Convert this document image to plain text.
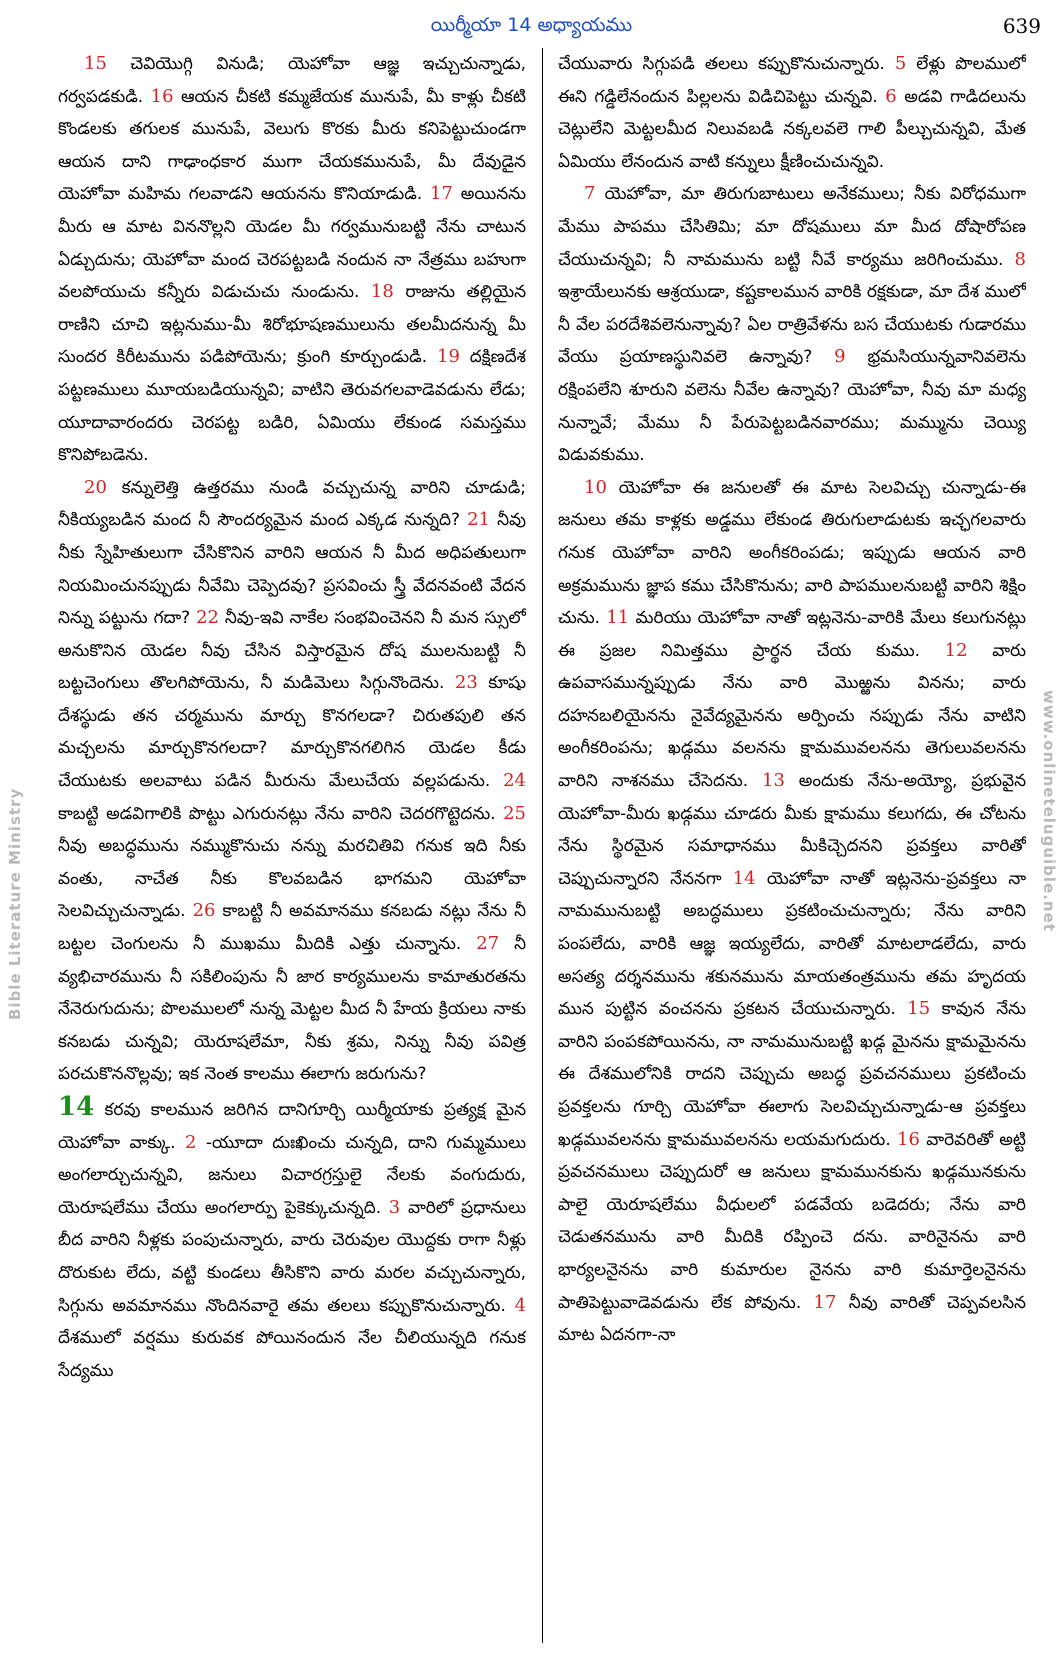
యిర్మీయా 14 అధ్యాయము	639
Bible Literature Ministry	www.onlineteluguible.net

15 చెవియొగ్గి వినుడి; యెహోవా ఆజ్ఞ ఇచ్చుచున్నాడు, గర్వపడకుడి. 16 ఆయన చీకటి కమ్మజేయక మునుపే, మీ కాళ్లు చీకటి కొండలకు తగులక మునుపే, వెలుగు కొరకు మీరు కనిపెట్టుచుండగా ఆయన దాని గాఢాంధకార ముగా చేయకమునుపే, మీ దేవుడైన యెహోవా మహిమ గలవాడని ఆయనను కొనియాడుడి. 17 అయినను మీరు ఆ మాట విననొల్లని యెడల మీ గర్వమునుబట్టి నేను చాటున ఏడ్చుదును; యెహోవా మంద చెరపట్టబడి నందున నా నేత్రము బహుగా వలపోయుచు కన్నీరు విడుచుచు నుండును. 18 రాజును తల్లియైన రాణిని చూచి ఇట్లనుము-మీ శిరోభూషణములును తలమీదనున్న మీ సుందర కిరీటమును పడిపోయెను; క్రుంగి కూర్చుండుడి. 19 దక్షిణదేశ పట్టణములు మూయబడియున్నవి; వాటిని తెరువగలవాడెవడును లేడు; యూదావారందరు చెరపట్ట బడిరి, ఏమియు లేకుండ సమస్తము కొనిపోబడెను.

20 కన్నులెత్తి ఉత్తరము నుండి వచ్చుచున్న వారిని చూడుడి; నీకియ్యబడిన మంద నీ సౌందర్యమైన మంద ఎక్కడ నున్నది? 21 నీవు నీకు స్నేహితులుగా చేసికొనిన వారిని ఆయన నీ మీద అధిపతులుగా నియమించునప్పుడు నీవేమి చెప్పెదవు? ప్రసవించు స్త్రీ వేదనవంటి వేదన నిన్ను పట్టును గదా? 22 నీవు-ఇవి నాకేల సంభవించెనని నీ మన స్సులో అనుకొనిన యెడల నీవు చేసిన విస్తారమైన దోష ములనుబట్టి నీ బట్టచెంగులు తొలగిపోయెను, నీ మడిమెలు సిగ్గునొందెను. 23 కూషు దేశస్థుడు తన చర్మమును మార్చు కొనగలడా? చిరుతపులి తన మచ్చలను మార్చుకొనగలదా? మార్చుకొనగలిగిన యెడల కీడు చేయుటకు అలవాటు పడిన మీరును మేలుచేయ వల్లపడును. 24 కాబట్టి అడవిగాలికి పొట్టు ఎగురునట్లు నేను వారిని చెదరగొట్టెదను. 25 నీవు అబద్ధమును నమ్ముకొనుచు నన్ను మరచితివి గనుక ఇది నీకు వంతు, నాచేత నీకు కొలవబడిన భాగమని యెహోవా సెలవిచ్చుచున్నాడు. 26 కాబట్టి నీ అవమానము కనబడు నట్లు నేను నీ బట్టల చెంగులను నీ ముఖము మీదికి ఎత్తు చున్నాను. 27 నీ వ్యభిచారమును నీ సకిలింపును నీ జార కార్యములను కామాతురతను నేనెరుగుదును; పొలములలో నున్న మెట్టల మీద నీ హేయ క్రియలు నాకు కనబడు చున్నవి; యెరూషలేమా, నీకు శ్రమ, నిన్ను నీవు పవిత్ర పరచుకొననొల్లవు; ఇక నెంత కాలము ఈలాగు జరుగును?

14 కరవు కాలమున జరిగిన దానిగూర్చి యిర్మీయాకు ప్రత్యక్ష మైన యెహోవా వాక్కు. 2 -యూదా దుఃఖించు చున్నది, దాని గుమ్మములు అంగలార్చుచున్నవి, జనులు విచారగ్రస్తులై నేలకు వంగుదురు, యెరూషలేము చేయు అంగలార్పు పైకెక్కుచున్నది. 3 వారిలో ప్రధానులు బీద వారిని నీళ్లకు పంపుచున్నారు, వారు చెరువుల యొద్దకు రాగా నీళ్లు దొరుకుట లేదు, వట్టి కుండలు తీసికొని వారు మరల వచ్చుచున్నారు, సిగ్గును అవమానము నొందినవారై తమ తలలు కప్పుకొనుచున్నారు. 4 దేశములో వర్షము కురువక పోయినందున నేల చీలియున్నది గనుక సేద్యము

చేయువారు సిగ్గుపడి తలలు కప్పుకొనుచున్నారు. 5 లేళ్లు పొలములో ఈని గడ్డిలేనందున పిల్లలను విడిచిపెట్టు చున్నవి. 6 అడవి గాడిదలును చెట్లులేని మెట్టలమీద నిలువబడి నక్కలవలె గాలి పీల్చుచున్నవి, మేత ఏమియు లేనందున వాటి కన్నులు క్షీణించుచున్నవి.

7 యెహోవా, మా తిరుగుబాటులు అనేకములు; నీకు విరోధముగా మేము పాపము చేసితిమి; మా దోషములు మా మీద దోషారోపణ చేయుచున్నవి; నీ నామమును బట్టి నీవే కార్యము జరిగించుము. 8 ఇశ్రాయేలునకు ఆశ్రయుడా, కష్టకాలమున వారికి రక్షకుడా, మా దేశ ములో నీ వేల పరదేశివలెనున్నావు? ఏల రాత్రివేళను బస చేయుటకు గుడారము వేయు ప్రయాణస్థునివలె ఉన్నావు? 9 భ్రమసియున్నవానివలెను రక్షింపలేని శూరుని వలెను నీవేల ఉన్నావు? యెహోవా, నీవు మా మధ్య నున్నావే; మేము నీ పేరుపెట్టబడినవారము; మమ్మును చెయ్యి విడువకుము.

10 యెహోవా ఈ జనులతో ఈ మాట సెలవిచ్చు చున్నాడు-ఈ జనులు తమ కాళ్లకు అడ్డము లేకుండ తిరుగులాడుటకు ఇచ్ఛగలవారు గనుక యెహోవా వారిని అంగీకరింపడు; ఇప్పుడు ఆయన వారి అక్రమమును జ్ఞాప కము చేసికొనును; వారి పాపములనుబట్టి వారిని శిక్షిం చును. 11 మరియు యెహోవా నాతో ఇట్లనెను-వారికి మేలు కలుగునట్లు ఈ ప్రజల నిమిత్తము ప్రార్థన చేయ కుము. 12 వారు ఉపవాసమున్నప్పుడు నేను వారి మొఱ్ఱను వినను; వారు దహనబలియైనను నైవేద్యమైనను అర్పించు నప్పుడు నేను వాటిని అంగీకరింపను; ఖడ్గము వలనను క్షామమువలనను తెగులువలనను వారిని నాశనము చేసెదను. 13 అందుకు నేను-అయ్యో, ప్రభువైన యెహోవా-మీరు ఖడ్గము చూడరు మీకు క్షామము కలుగదు, ఈ చోటను నేను స్థిరమైన సమాధానము మీకిచ్చెదనని ప్రవక్తలు వారితో చెప్పుచున్నారని నేననగా 14 యెహోవా నాతో ఇట్లనెను-ప్రవక్తలు నా నామమునుబట్టి అబద్ధములు ప్రకటించుచున్నారు; నేను వారిని పంపలేదు, వారికి ఆజ్ఞ ఇయ్యలేదు, వారితో మాటలాడలేదు, వారు అసత్య దర్శనమును శకునమును మాయతంత్రమును తమ హృదయ మున పుట్టిన వంచనను ప్రకటన చేయుచున్నారు. 15 కావున నేను వారిని పంపకపోయినను, నా నామమునుబట్టి ఖడ్గ మైనను క్షామమైనను ఈ దేశములోనికి రాదని చెప్పుచు అబద్ధ ప్రవచనములు ప్రకటించు ప్రవక్తలను గూర్చి యెహోవా ఈలాగు సెలవిచ్చుచున్నాడు-ఆ ప్రవక్తలు ఖడ్గమువలనను క్షామమువలనను లయమగుదురు. 16 వారెవరితో అట్టి ప్రవచనములు చెప్పుదురో ఆ జనులు క్షామమునకును ఖడ్గమునకును పాలై యెరూషలేము వీధులలో పడవేయ బడెదరు; నేను వారి చెడుతనమును వారి మీదికి రప్పించె దను. వారినైనను వారి భార్యలనైనను వారి కుమారుల నైనను వారి కుమార్తెలనైనను పాతిపెట్టువాడెవడును లేక పోవును. 17 నీవు వారితో చెప్పవలసిన మాట ఏదనగా-నా
